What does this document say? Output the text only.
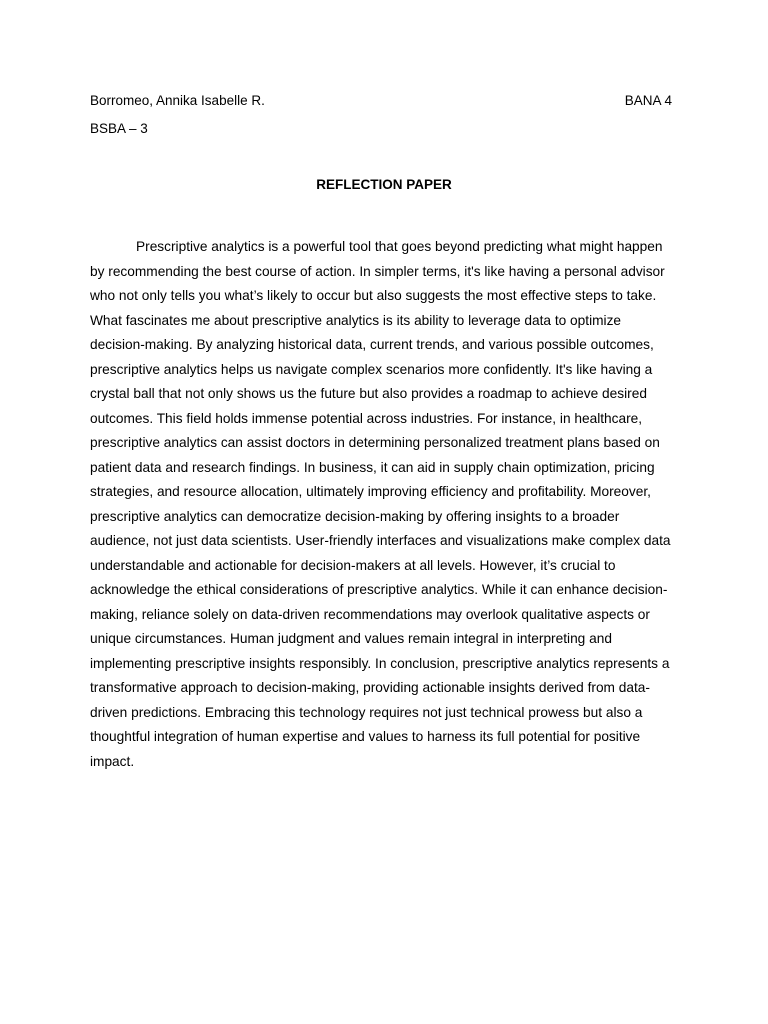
Borromeo, Annika Isabelle R.	BANA 4
BSBA – 3
REFLECTION PAPER
Prescriptive analytics is a powerful tool that goes beyond predicting what might happen
by recommending the best course of action. In simpler terms, it's like having a personal advisor
who not only tells you what’s likely to occur but also suggests the most effective steps to take.
What fascinates me about prescriptive analytics is its ability to leverage data to optimize
decision-making. By analyzing historical data, current trends, and various possible outcomes,
prescriptive analytics helps us navigate complex scenarios more confidently. It's like having a
crystal ball that not only shows us the future but also provides a roadmap to achieve desired
outcomes. This field holds immense potential across industries. For instance, in healthcare,
prescriptive analytics can assist doctors in determining personalized treatment plans based on
patient data and research findings. In business, it can aid in supply chain optimization, pricing
strategies, and resource allocation, ultimately improving efficiency and profitability. Moreover,
prescriptive analytics can democratize decision-making by offering insights to a broader
audience, not just data scientists. User-friendly interfaces and visualizations make complex data
understandable and actionable for decision-makers at all levels. However, it’s crucial to
acknowledge the ethical considerations of prescriptive analytics. While it can enhance decision-
making, reliance solely on data-driven recommendations may overlook qualitative aspects or
unique circumstances. Human judgment and values remain integral in interpreting and
implementing prescriptive insights responsibly. In conclusion, prescriptive analytics represents a
transformative approach to decision-making, providing actionable insights derived from data-
driven predictions. Embracing this technology requires not just technical prowess but also a
thoughtful integration of human expertise and values to harness its full potential for positive
impact.
